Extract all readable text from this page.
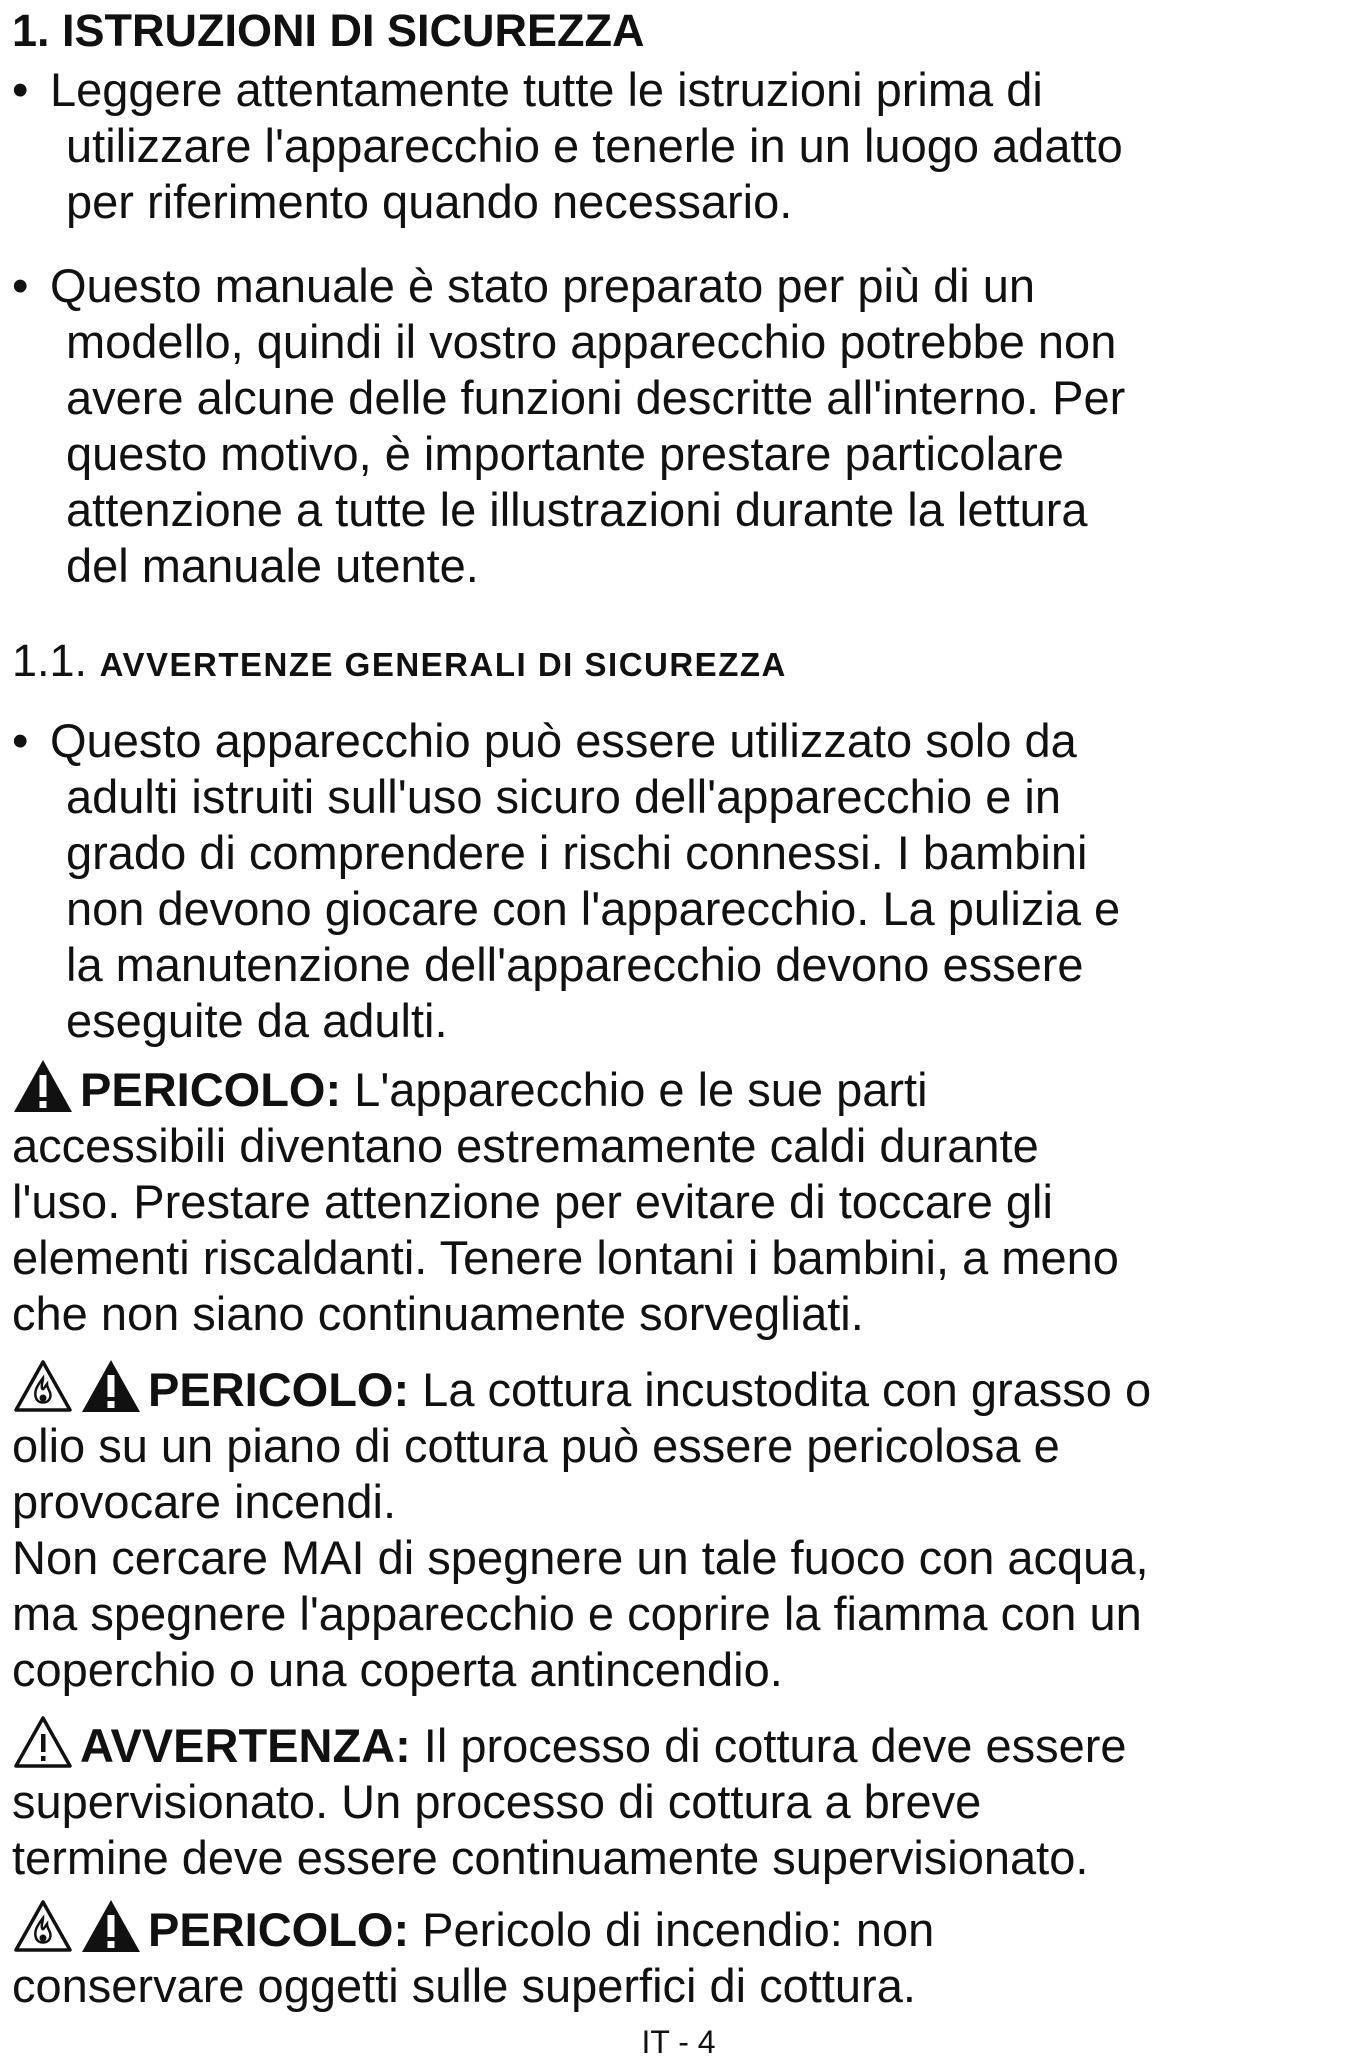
1. ISTRUZIONI DI SICUREZZA
• Leggere attentamente tutte le istruzioni prima di
utilizzare l'apparecchio e tenerle in un luogo adatto
per riferimento quando necessario.
• Questo manuale è stato preparato per più di un
modello, quindi il vostro apparecchio potrebbe non
avere alcune delle funzioni descritte all'interno. Per
questo motivo, è importante prestare particolare
attenzione a tutte le illustrazioni durante la lettura
del manuale utente.
1.1. AVVERTENZE GENERALI DI SICUREZZA
• Questo apparecchio può essere utilizzato solo da
adulti istruiti sull'uso sicuro dell'apparecchio e in
grado di comprendere i rischi connessi. I bambini
non devono giocare con l'apparecchio. La pulizia e
la manutenzione dell'apparecchio devono essere
eseguite da adulti.
PERICOLO: L'apparecchio e le sue parti
accessibili diventano estremamente caldi durante
l'uso. Prestare attenzione per evitare di toccare gli
elementi riscaldanti. Tenere lontani i bambini, a meno
che non siano continuamente sorvegliati.
PERICOLO: La cottura incustodita con grasso o
olio su un piano di cottura può essere pericolosa e
provocare incendi.
Non cercare MAI di spegnere un tale fuoco con acqua,
ma spegnere l'apparecchio e coprire la fiamma con un
coperchio o una coperta antincendio.
AVVERTENZA: Il processo di cottura deve essere
supervisionato. Un processo di cottura a breve
termine deve essere continuamente supervisionato.
PERICOLO: Pericolo di incendio: non
conservare oggetti sulle superfici di cottura.
IT - 4
